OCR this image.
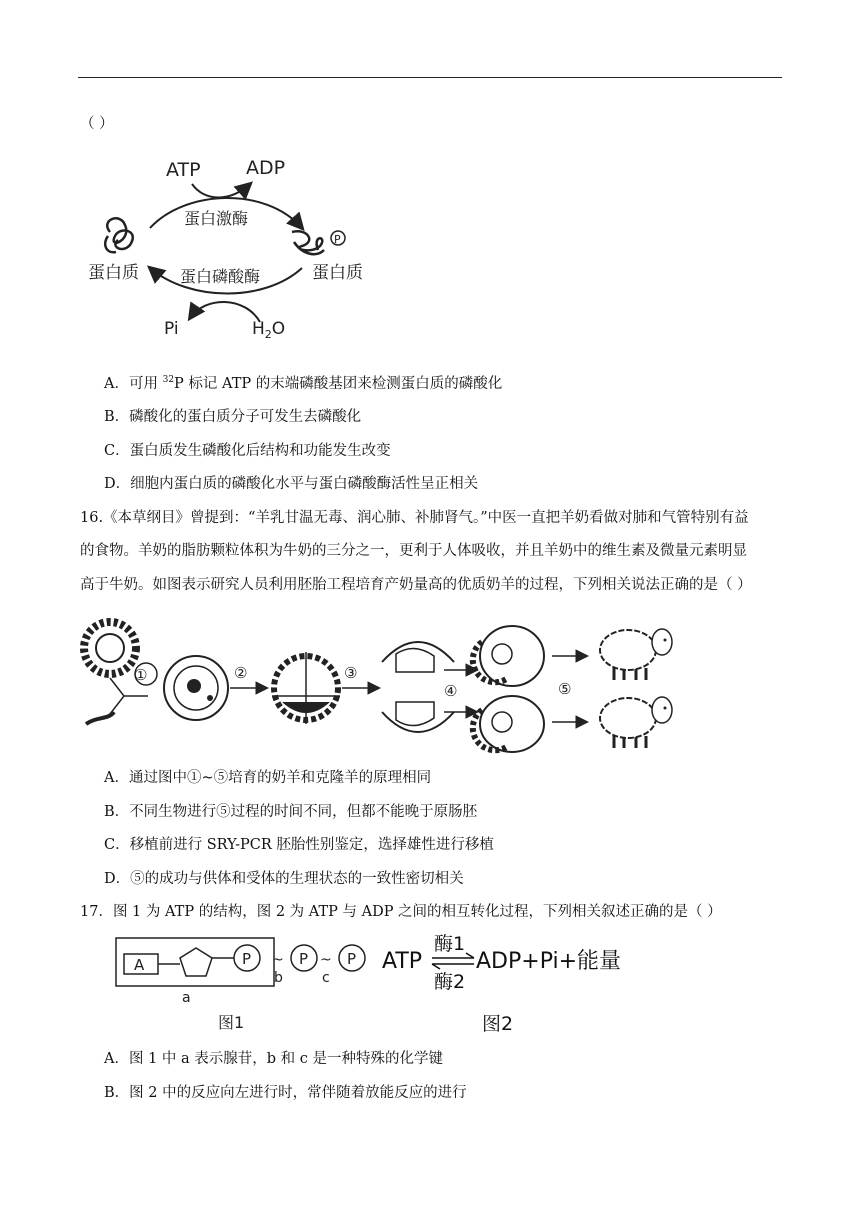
（ ）
ATP ADP
蛋白激酶
P
蛋白质	蛋白质
蛋白磷酸酶
Pi	$H_2O$
A．可用 $^{32}$P 标记 ATP 的末端磷酸基团来检测蛋白质的磷酸化
B．磷酸化的蛋白质分子可发生去磷酸化
C．蛋白质发生磷酸化后结构和功能发生改变
D．细胞内蛋白质的磷酸化水平与蛋白磷酸酶活性呈正相关
16.《本草纲目》曾提到：“羊乳甘温无毒、润心肺、补肺肾气。”中医一直把羊奶看做对肺和气管特别有益
的食物。羊奶的脂肪颗粒体积为牛奶的三分之一，更利于人体吸收，并且羊奶中的维生素及微量元素明显
高于牛奶。如图表示研究人员利用胚胎工程培育产奶量高的优质奶羊的过程，下列相关说法正确的是（ ）
①	②	③
④	⑤
A．通过图中①~⑤培育的奶羊和克隆羊的原理相同
B．不同生物进行⑤过程的时间不同，但都不能晚于原肠胚
C．移植前进行 SRY-PCR 胚胎性别鉴定，选择雄性进行移植
D．⑤的成功与供体和受体的生理状态的一致性密切相关
17．图 1 为 ATP 的结构，图 2 为 ATP 与 ADP 之间的相互转化过程，下列相关叙述正确的是（ ）
A	P ~
b
P ~
c
P
a
图1
ATP
酶1
酶2
ADP+Pi+能量
图2
A．图 1 中 a 表示腺苷，b 和 c 是一种特殊的化学键
B．图 2 中的反应向左进行时，常伴随着放能反应的进行
